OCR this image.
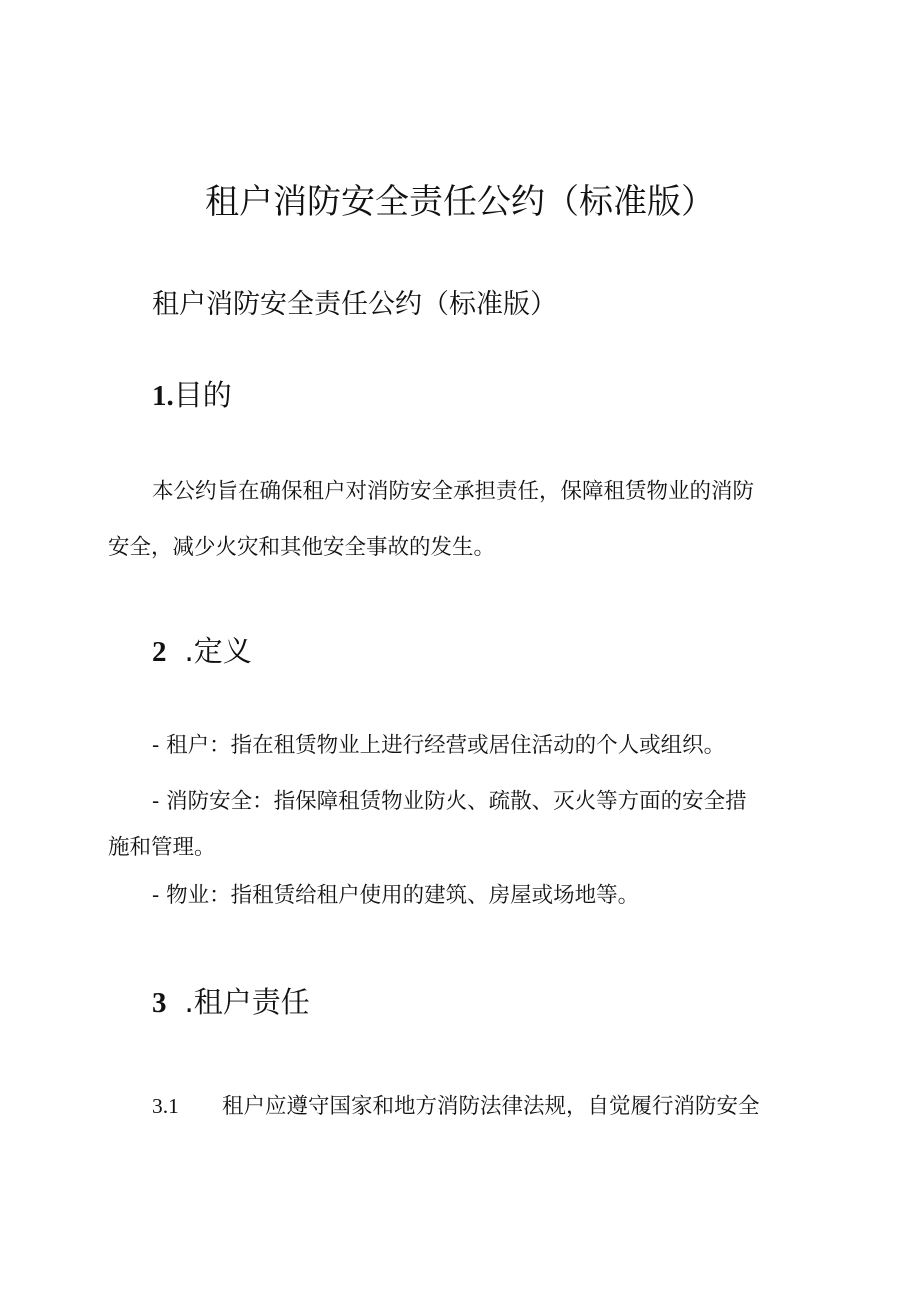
租户消防安全责任公约（标准版）
租户消防安全责任公约（标准版）
1.目的
本公约旨在确保租户对消防安全承担责任，保障租赁物业的消防
安全，减少火灾和其他安全事故的发生。
2 .定义
- 租户：指在租赁物业上进行经营或居住活动的个人或组织。
- 消防安全：指保障租赁物业防火、疏散、灭火等方面的安全措
施和管理。
- 物业：指租赁给租户使用的建筑、房屋或场地等。
3 .租户责任
3.1 租户应遵守国家和地方消防法律法规，自觉履行消防安全
